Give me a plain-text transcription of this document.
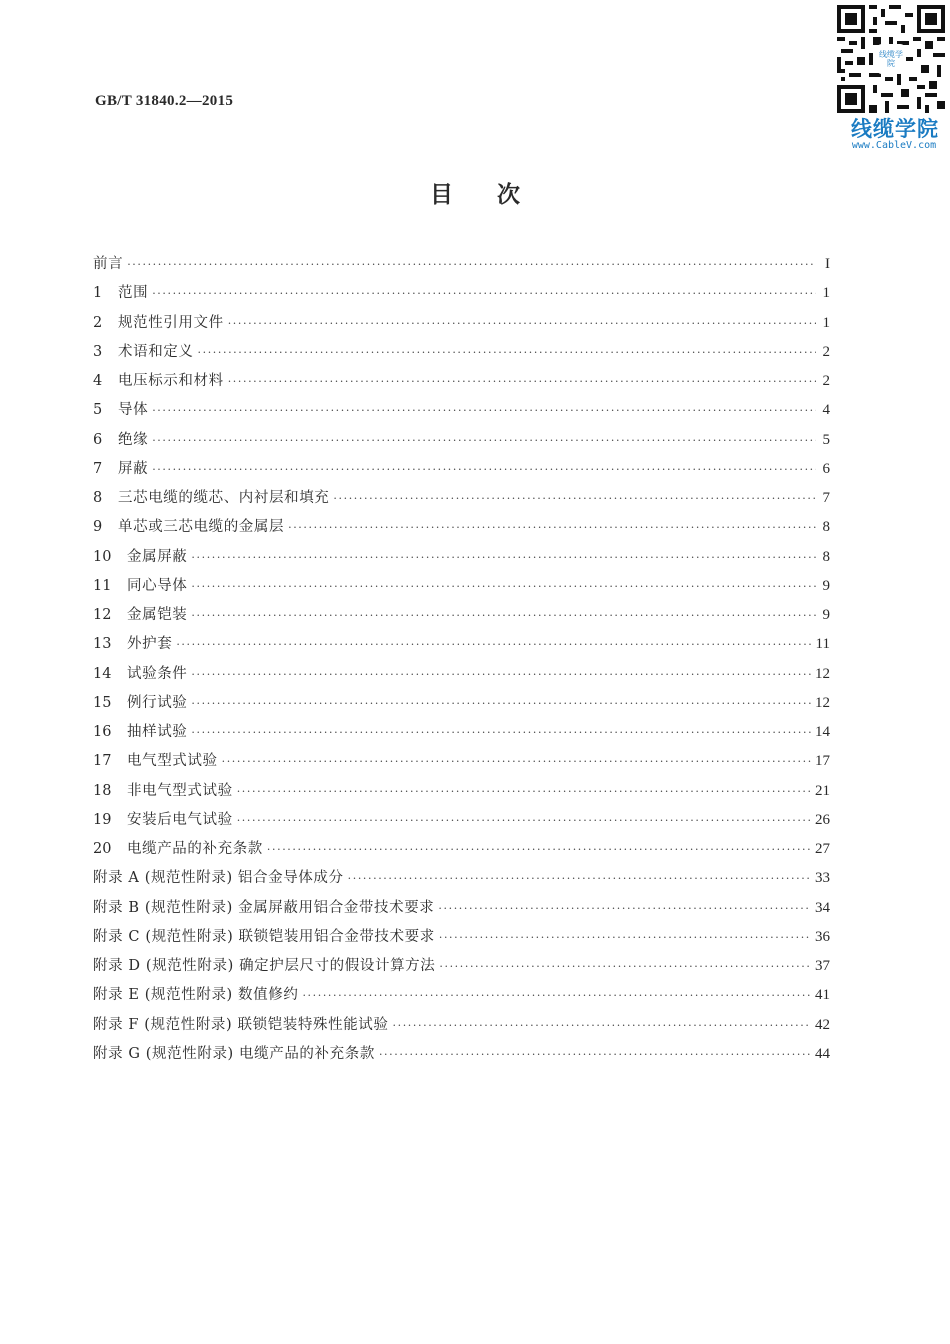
GB/T 31840.2—2015
线缆学院
线缆学院
www.CableV.com
目次
前言 ·····	I
1	范围 ·····	1
2	规范性引用文件 ·····	1
3	术语和定义 ·····	2
4	电压标示和材料 ·····	2
5	导体 ·····	4
6	绝缘 ·····	5
7	屏蔽 ·····	6
8	三芯电缆的缆芯、内衬层和填充 ·····	7
9	单芯或三芯电缆的金属层 ·····	8
10	金属屏蔽 ·····	8
11	同心导体 ·····	9
12	金属铠装 ·····	9
13	外护套 ·····	11
14	试验条件 ·····	12
15	例行试验 ·····	12
16	抽样试验 ·····	14
17	电气型式试验 ·····	17
18	非电气型式试验 ·····	21
19	安装后电气试验 ·····	26
20	电缆产品的补充条款 ·····	27
附录 A (规范性附录) 铝合金导体成分 ·····	33
附录 B (规范性附录) 金属屏蔽用铝合金带技术要求 ·····	34
附录 C (规范性附录) 联锁铠装用铝合金带技术要求 ·····	36
附录 D (规范性附录) 确定护层尺寸的假设计算方法 ·····	37
附录 E (规范性附录) 数值修约 ·····	41
附录 F (规范性附录) 联锁铠装特殊性能试验 ·····	42
附录 G (规范性附录) 电缆产品的补充条款 ·····	44
